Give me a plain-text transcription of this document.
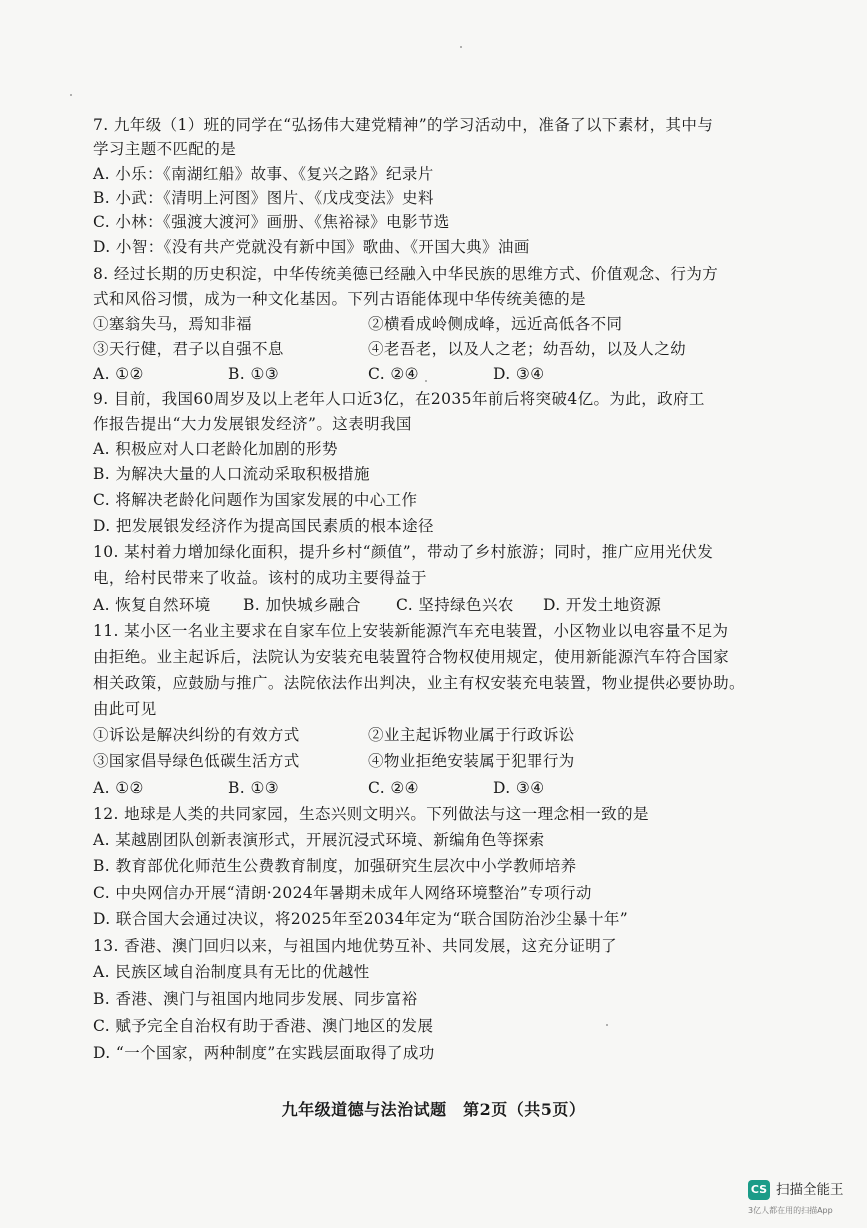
7. 九年级（1）班的同学在“弘扬伟大建党精神”的学习活动中，准备了以下素材，其中与
学习主题不匹配的是
A. 小乐：《南湖红船》故事、《复兴之路》纪录片
B. 小武：《清明上河图》图片、《戊戌变法》史料
C. 小林：《强渡大渡河》画册、《焦裕禄》电影节选
D. 小智：《没有共产党就没有新中国》歌曲、《开国大典》油画
8. 经过长期的历史积淀，中华传统美德已经融入中华民族的思维方式、价值观念、行为方
式和风俗习惯，成为一种文化基因。下列古语能体现中华传统美德的是
①塞翁失马，焉知非福	②横看成岭侧成峰，远近高低各不同
③天行健，君子以自强不息	④老吾老，以及人之老；幼吾幼，以及人之幼
A. ①②	B. ①③	C. ②④	D. ③④
9. 目前，我国60周岁及以上老年人口近3亿，在2035年前后将突破4亿。为此，政府工
作报告提出“大力发展银发经济”。这表明我国
A. 积极应对人口老龄化加剧的形势
B. 为解决大量的人口流动采取积极措施
C. 将解决老龄化问题作为国家发展的中心工作
D. 把发展银发经济作为提高国民素质的根本途径
10. 某村着力增加绿化面积，提升乡村“颜值”，带动了乡村旅游；同时，推广应用光伏发
电，给村民带来了收益。该村的成功主要得益于
A. 恢复自然环境 B. 加快城乡融合 C. 坚持绿色兴农 D. 开发土地资源
11. 某小区一名业主要求在自家车位上安装新能源汽车充电装置，小区物业以电容量不足为
由拒绝。业主起诉后，法院认为安装充电装置符合物权使用规定，使用新能源汽车符合国家
相关政策，应鼓励与推广。法院依法作出判决，业主有权安装充电装置，物业提供必要协助。
由此可见
①诉讼是解决纠纷的有效方式	②业主起诉物业属于行政诉讼
③国家倡导绿色低碳生活方式	④物业拒绝安装属于犯罪行为
A. ①②	B. ①③	C. ②④	D. ③④
12. 地球是人类的共同家园，生态兴则文明兴。下列做法与这一理念相一致的是
A. 某越剧团队创新表演形式，开展沉浸式环境、新编角色等探索
B. 教育部优化师范生公费教育制度，加强研究生层次中小学教师培养
C. 中央网信办开展“清朗·2024年暑期未成年人网络环境整治”专项行动
D. 联合国大会通过决议，将2025年至2034年定为“联合国防治沙尘暴十年”
13. 香港、澳门回归以来，与祖国内地优势互补、共同发展，这充分证明了
A. 民族区域自治制度具有无比的优越性
B. 香港、澳门与祖国内地同步发展、同步富裕
C. 赋予完全自治权有助于香港、澳门地区的发展
D. “一个国家，两种制度”在实践层面取得了成功
九年级道德与法治试题　第2页（共5页）
CS 扫描全能王
3亿人都在用的扫描App
